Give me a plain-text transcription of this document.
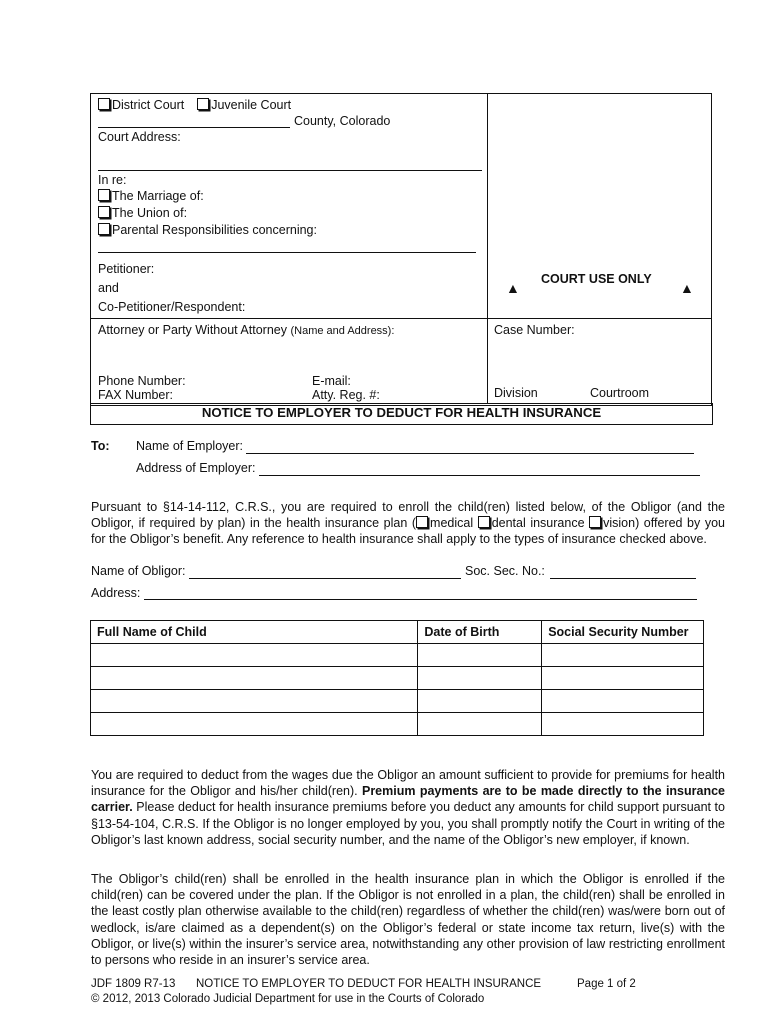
District Court Juvenile Court
County, Colorado
Court Address:
In re:
The Marriage of:
The Union of:
Parental Responsibilities concerning:
Petitioner:
and
Co-Petitioner/Respondent:
▲
COURT USE ONLY
▲
Attorney or Party Without Attorney (Name and Address):	Case Number:
Phone Number:	E-mail:
FAX Number:	Atty. Reg. #:	Division	Courtroom
NOTICE TO EMPLOYER TO DEDUCT FOR HEALTH INSURANCE
To: Name of Employer:
Address of Employer:
Pursuant to §14-14-112, C.R.S., you are required to enroll the child(ren) listed below, of the Obligor (and the
Obligor, if required by plan) in the health insurance plan ( medical dental insurance vision) offered by you
for the Obligor’s benefit. Any reference to health insurance shall apply to the types of insurance checked above.
Name of Obligor:	Soc. Sec. No.:
Address:
Full Name of Child	Date of Birth	Social Security Number

You are required to deduct from the wages due the Obligor an amount sufficient to provide for premiums for health insurance for the Obligor and his/her child(ren). Premium payments are to be made directly to the insurance carrier. Please deduct for health insurance premiums before you deduct any amounts for child support pursuant to §13-54-104, C.R.S. If the Obligor is no longer employed by you, you shall promptly notify the Court in writing of the Obligor’s last known address, social security number, and the name of the Obligor’s new employer, if known.
The Obligor’s child(ren) shall be enrolled in the health insurance plan in which the Obligor is enrolled if the child(ren) can be covered under the plan. If the Obligor is not enrolled in a plan, the child(ren) shall be enrolled in the least costly plan otherwise available to the child(ren) regardless of whether the child(ren) was/were born out of wedlock, is/are claimed as a dependent(s) on the Obligor’s federal or state income tax return, live(s) with the Obligor, or live(s) within the insurer’s service area, notwithstanding any other provision of law restricting enrollment to persons who reside in an insurer’s service area.
JDF 1809 R7-13 NOTICE TO EMPLOYER TO DEDUCT FOR HEALTH INSURANCE	Page 1 of 2
© 2012, 2013 Colorado Judicial Department for use in the Courts of Colorado
